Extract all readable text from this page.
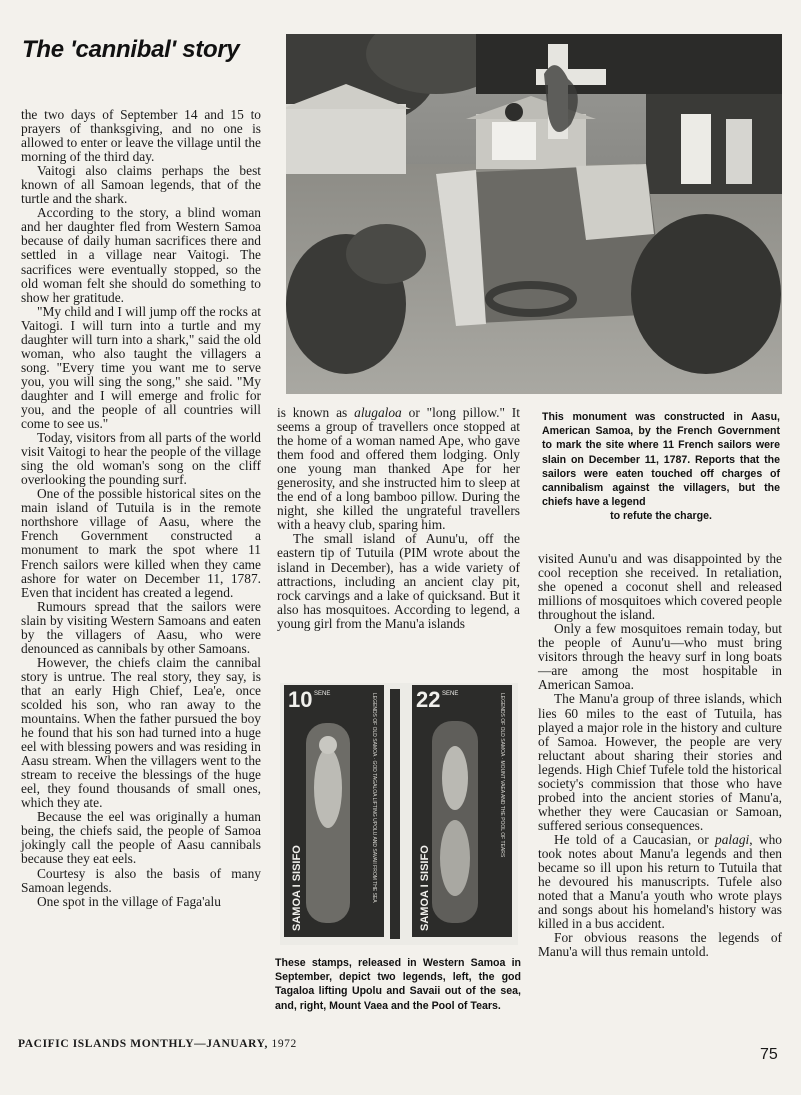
The 'cannibal' story

the two days of September 14 and 15 to prayers of thanksgiving, and no one is allowed to enter or leave the village until the morning of the third day.

Vaitogi also claims perhaps the best known of all Samoan legends, that of the turtle and the shark.

According to the story, a blind woman and her daughter fled from Western Samoa because of daily human sacrifices there and settled in a village near Vaitogi. The sacrifices were eventually stopped, so the old woman felt she should do something to show her gratitude.

"My child and I will jump off the rocks at Vaitogi. I will turn into a turtle and my daughter will turn into a shark," said the old woman, who also taught the villagers a song. "Every time you want me to serve you, you will sing the song," she said. "My daughter and I will emerge and frolic for you, and the people of all countries will come to see us."

Today, visitors from all parts of the world visit Vaitogi to hear the people of the village sing the old woman's song on the cliff overlooking the pounding surf.

One of the possible historical sites on the main island of Tutuila is in the remote northshore village of Aasu, where the French Government constructed a monument to mark the spot where 11 French sailors were killed when they came ashore for water on December 11, 1787. Even that incident has created a legend.

Rumours spread that the sailors were slain by visiting Western Samoans and eaten by the villagers of Aasu, who were denounced as cannibals by other Samoans.

However, the chiefs claim the cannibal story is untrue. The real story, they say, is that an early High Chief, Lea'e, once scolded his son, who ran away to the mountains. When the father pursued the boy he found that his son had turned into a huge eel with blessing powers and was residing in Aasu stream. When the villagers went to the stream to receive the blessings of the huge eel, they found thousands of small ones, which they ate.

Because the eel was originally a human being, the chiefs said, the people of Samoa jokingly call the people of Aasu cannibals because they eat eels.

Courtesy is also the basis of many Samoan legends.

One spot in the village of Faga'alu

This monument was constructed in Aasu, American Samoa, by the French Government to mark the site where 11 French sailors were slain on December 11, 1787. Reports that the sailors were eaten touched off charges of cannibalism against the villagers, but the chiefs have a legend
to refute the charge.

is known as alugaloa or "long pillow." It seems a group of travellers once stopped at the home of a woman named Ape, who gave them food and offered them lodging. Only one young man thanked Ape for her generosity, and she instructed him to sleep at the end of a long bamboo pillow. During the night, she killed the ungrateful travellers with a heavy club, sparing him.

The small island of Aunu'u, off the eastern tip of Tutuila (PIM wrote about the island in December), has a wide variety of attractions, including an ancient clay pit, rock carvings and a lake of quicksand. But it also has mosquitoes. According to legend, a young girl from the Manu'a islands

10 SENE	22 SENE
SAMOA I SISIFO	SAMOA I SISIFO
LEGENDS OF OLD SAMOA · GOD TAGALOA LIFTING UPOLU AND SAVAII FROM THE SEA	LEGENDS OF OLD SAMOA · MOUNT VAEA AND THE POOL OF TEARS
These stamps, released in Western Samoa in September, depict two legends, left, the god Tagaloa lifting Upolu and Savaii out of the sea, and, right, Mount Vaea and the Pool of Tears.

visited Aunu'u and was disappointed by the cool reception she received. In retaliation, she opened a coconut shell and released millions of mosquitoes which covered people throughout the island.

Only a few mosquitoes remain today, but the people of Aunu'u—who must bring visitors through the heavy surf in long boats—are among the most hospitable in American Samoa.

The Manu'a group of three islands, which lies 60 miles to the east of Tutuila, has played a major role in the history and culture of Samoa. However, the people are very reluctant about sharing their stories and legends. High Chief Tufele told the historical society's commission that those who have probed into the ancient stories of Manu'a, whether they were Caucasian or Samoan, suffered serious consequences.

He told of a Caucasian, or palagi, who took notes about Manu'a legends and then became so ill upon his return to Tutuila that he devoured his manuscripts. Tufele also noted that a Manu'a youth who wrote plays and songs about his homeland's history was killed in a bus accident.

For obvious reasons the legends of Manu'a will thus remain untold.

PACIFIC ISLANDS MONTHLY—JANUARY, 1972
75
